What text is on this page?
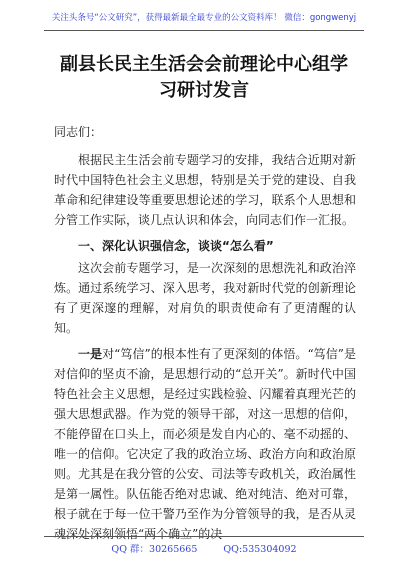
关注头条号“公文研究”，获得最新最全最专业的公文资料库！ 微信：gongwenyj
副县长民主生活会会前理论中心组学习研讨发言

同志们：

根据民主生活会前专题学习的安排，我结合近期对新时代中国特色社会主义思想，特别是关于党的建设、自我革命和纪律建设等重要思想论述的学习，联系个人思想和分管工作实际，谈几点认识和体会，向同志们作一汇报。

一、深化认识强信念，谈谈“怎么看”

这次会前专题学习，是一次深刻的思想洗礼和政治淬炼。通过系统学习、深入思考，我对新时代党的创新理论有了更深邃的理解，对肩负的职责使命有了更清醒的认知。

一是对“笃信”的根本性有了更深刻的体悟。“笃信”是对信仰的坚贞不渝，是思想行动的“总开关”。新时代中国特色社会主义思想，是经过实践检验、闪耀着真理光芒的强大思想武器。作为党的领导干部，对这一思想的信仰，不能停留在口头上，而必须是发自内心的、毫不动摇的、唯一的信仰。它决定了我的政治立场、政治方向和政治原则。尤其是在我分管的公安、司法等专政机关，政治属性是第一属性。队伍能否绝对忠诚、绝对纯洁、绝对可靠，根子就在于每一位干警乃至作为分管领导的我，是否从灵魂深处深刻领悟“两个确立”的决

QQ 群：30265665	QQ:535304092
